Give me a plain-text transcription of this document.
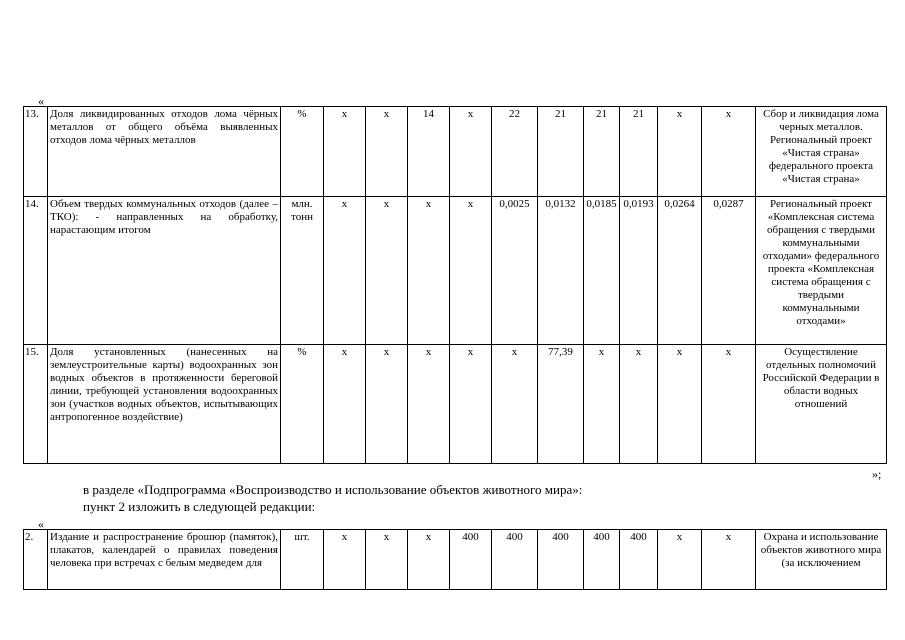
«
13.	Доля ликвидированных отходов лома чёрных металлов от общего объёма выявленных отходов лома чёрных металлов	%	x	x	14	x	22	21	21	21	x	x	Сбор и ликвидация лома черных металлов. Региональный проект «Чистая страна» федерального проекта «Чистая страна»
14.	Объем твердых коммунальных отходов (далее – ТКО): - направленных на обработку, нарастающим итогом	млн. тонн	x	x	x	x	0,0025	0,0132	0,0185	0,0193	0,0264	0,0287	Региональный проект «Комплексная система обращения с твердыми коммунальными отходами» федерального проекта «Комплексная система обращения с твердыми коммунальными отходами»
15.	Доля установленных (нанесенных на землеустроительные карты) водоохранных зон водных объектов в протяженности береговой линии, требующей установления водоохранных зон (участков водных объектов, испытывающих антропогенное воздействие)	%	x	x	x	x	x	77,39	x	x	x	x	Осуществление отдельных полномочий Российской Федерации в области водных отношений
»;
в разделе «Подпрограмма «Воспроизводство и использование объектов животного мира»:
пункт 2 изложить в следующей редакции:
«
2.	Издание и распространение брошюр (памяток), плакатов, календарей о правилах поведения человека при встречах с белым медведем для	шт.	x	x	x	400	400	400	400	400	x	x	Охрана и использование объектов животного мира (за исключением
